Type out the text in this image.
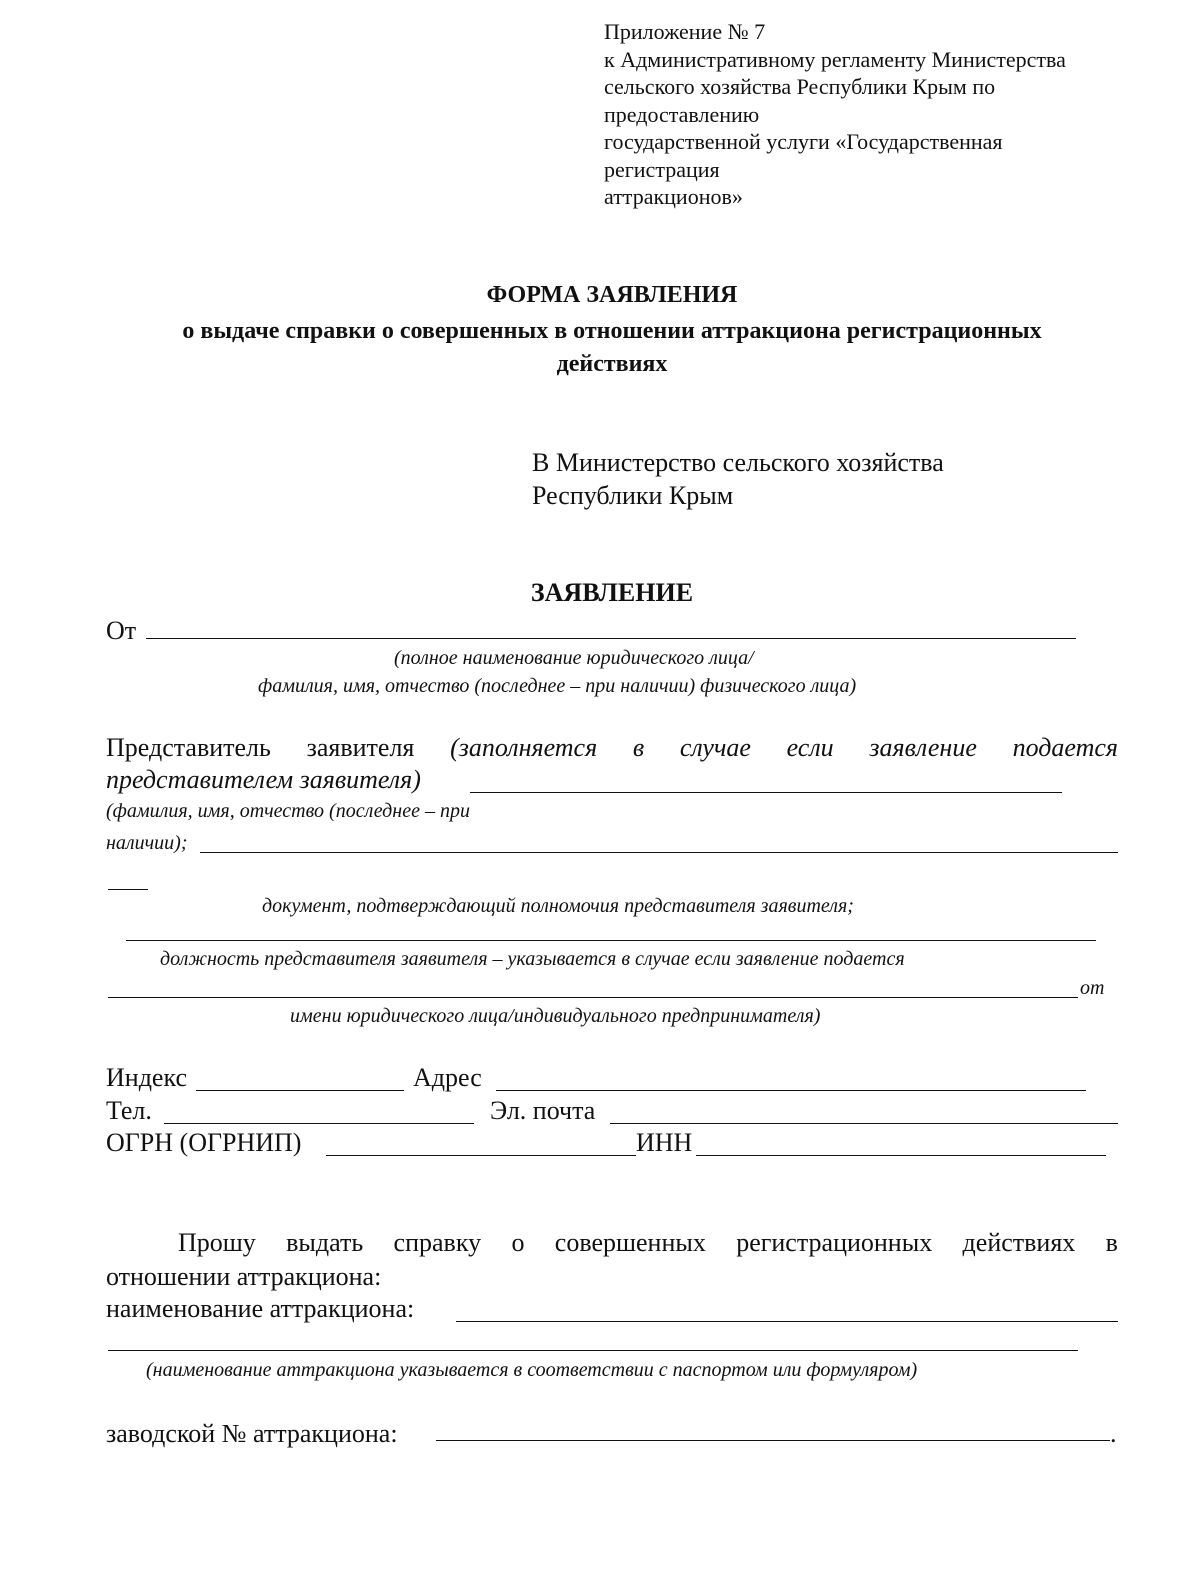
Приложение № 7
к Административному регламенту Министерства
сельского хозяйства Республики Крым по
предоставлению
государственной услуги «Государственная
регистрация
аттракционов»
ФОРМА ЗАЯВЛЕНИЯ
о выдаче справки о совершенных в отношении аттракциона регистрационных
действиях
В Министерство сельского хозяйства
Республики Крым
ЗАЯВЛЕНИЕ
От
(полное наименование юридического лица/
фамилия, имя, отчество (последнее – при наличии) физического лица)
Представитель заявителя (заполняется в случае если заявление подается
представителем заявителя)
(фамилия, имя, отчество (последнее – при
наличии);
документ, подтверждающий полномочия представителя заявителя;
должность представителя заявителя – указывается в случае если заявление подается
от
имени юридического лица/индивидуального предпринимателя)
Индекс	Адрес
Тел.	Эл. почта
ОГРН (ОГРНИП)	ИНН
Прошу выдать справку о совершенных регистрационных действиях в
отношении аттракциона:
наименование аттракциона:
(наименование аттракциона указывается в соответствии с паспортом или формуляром)
заводской № аттракциона:	.
